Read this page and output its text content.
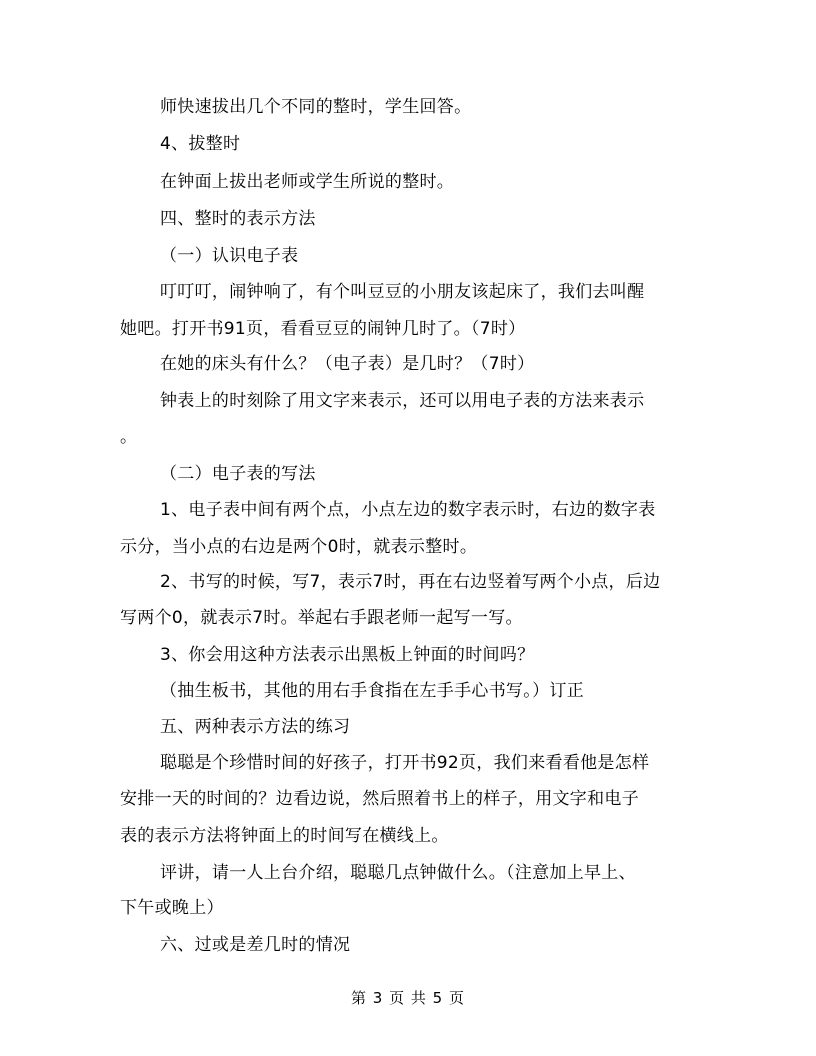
师快速拔出几个不同的整时，学生回答。
4、拔整时
在钟面上拔出老师或学生所说的整时。
四、整时的表示方法
（一）认识电子表
叮叮叮，闹钟响了，有个叫豆豆的小朋友该起床了，我们去叫醒
她吧。打开书91页，看看豆豆的闹钟几时了。（7时）
在她的床头有什么？（电子表）是几时？（7时）
钟表上的时刻除了用文字来表示，还可以用电子表的方法来表示
。
（二）电子表的写法
1、电子表中间有两个点，小点左边的数字表示时，右边的数字表
示分，当小点的右边是两个0时，就表示整时。
2、书写的时候，写7，表示7时，再在右边竖着写两个小点，后边
写两个0，就表示7时。举起右手跟老师一起写一写。
3、你会用这种方法表示出黑板上钟面的时间吗？
（抽生板书，其他的用右手食指在左手手心书写。）订正
五、两种表示方法的练习
聪聪是个珍惜时间的好孩子，打开书92页，我们来看看他是怎样
安排一天的时间的？边看边说，然后照着书上的样子，用文字和电子
表的表示方法将钟面上的时间写在横线上。
评讲，请一人上台介绍，聪聪几点钟做什么。（注意加上早上、
下午或晚上）
六、过或是差几时的情况
第 3 页 共 5 页
